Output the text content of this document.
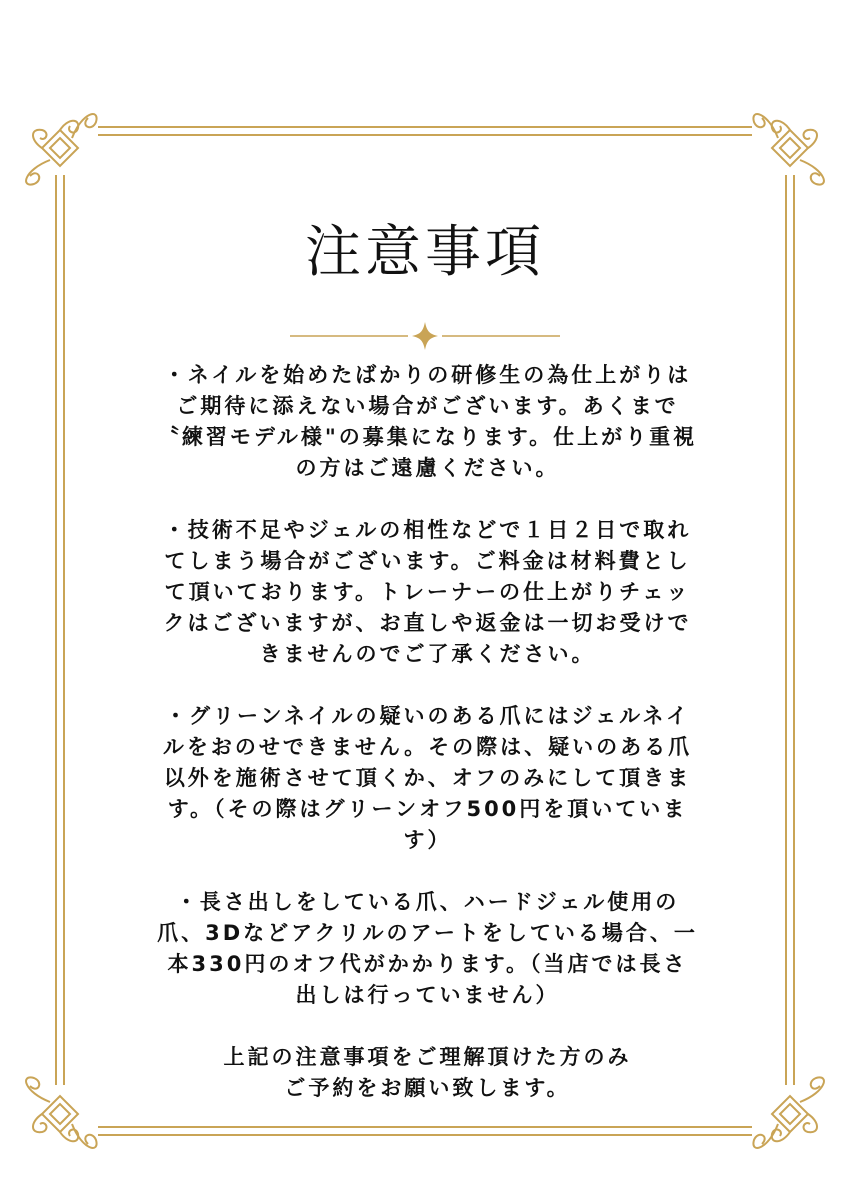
注意事項

・ネイルを始めたばかりの研修生の為仕上がりは
ご期待に添えない場合がございます。あくまで
〝練習モデル様"の募集になります。仕上がり重視
の方はご遠慮ください。

・技術不足やジェルの相性などで１日２日で取れ
てしまう場合がございます。ご料金は材料費とし
て頂いております。トレーナーの仕上がりチェッ
クはございますが、お直しや返金は一切お受けで
きませんのでご了承ください。

・グリーンネイルの疑いのある爪にはジェルネイ
ルをおのせできません。その際は、疑いのある爪
以外を施術させて頂くか、オフのみにして頂きま
す。（その際はグリーンオフ500円を頂いていま
す）

・長さ出しをしている爪、ハードジェル使用の
爪、3Dなどアクリルのアートをしている場合、一
本330円のオフ代がかかります。（当店では長さ
出しは行っていません）

上記の注意事項をご理解頂けた方のみ
ご予約をお願い致します。
